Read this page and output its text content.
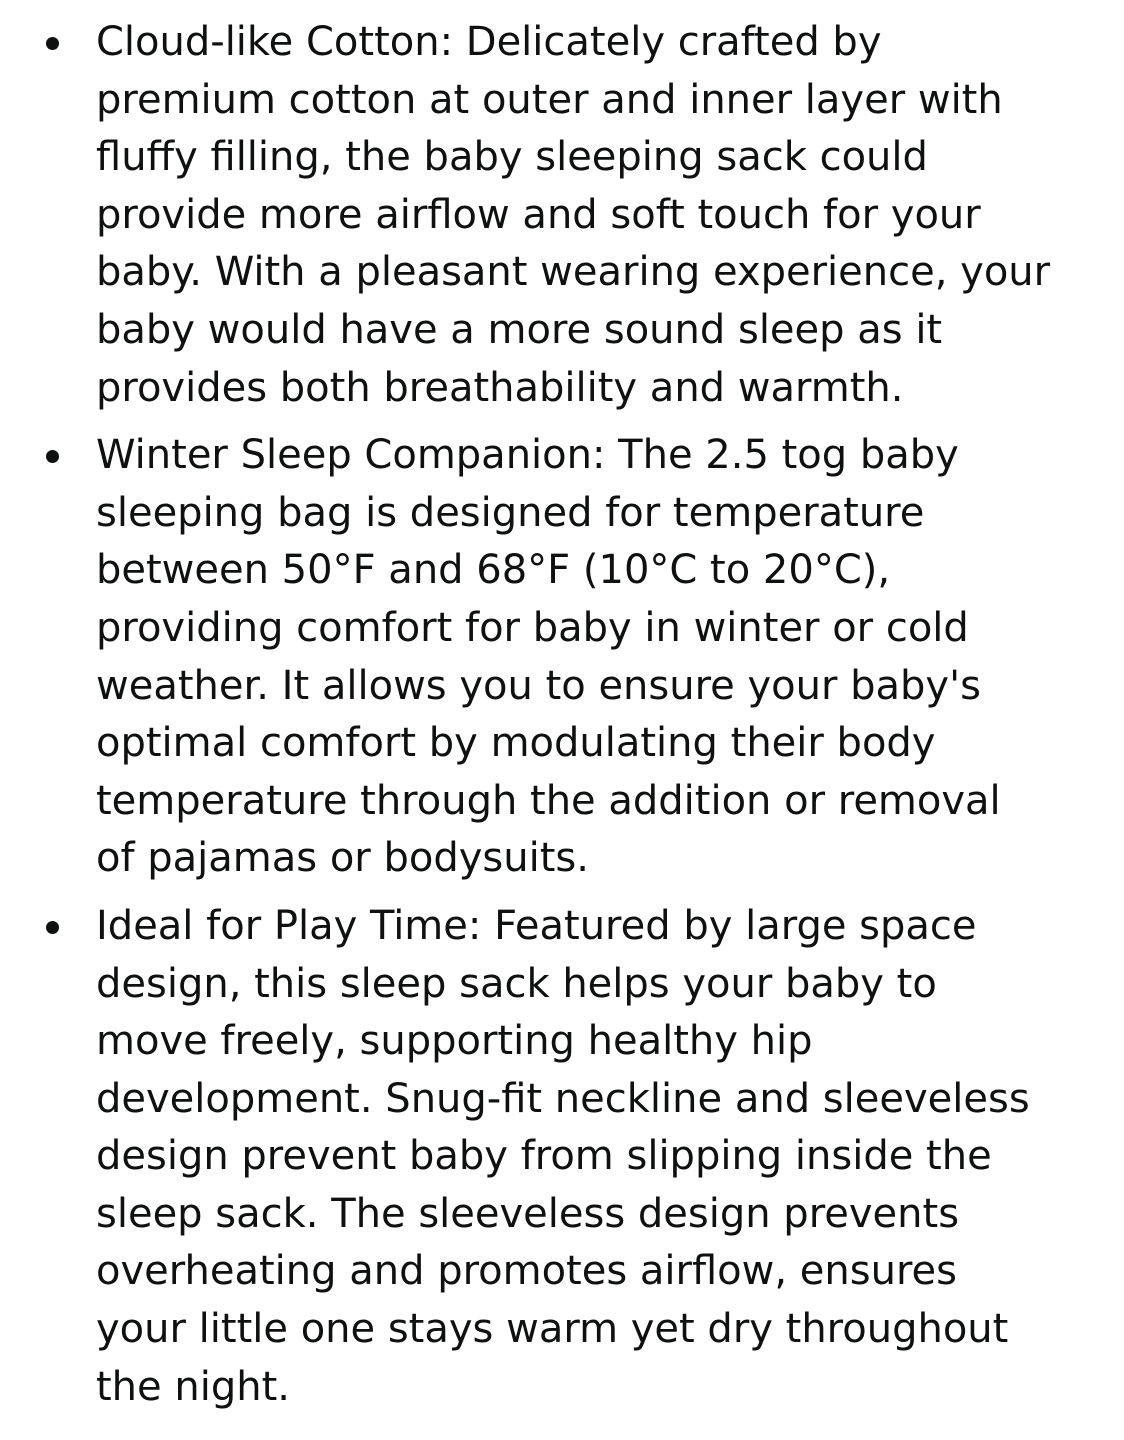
Cloud-like Cotton: Delicately crafted by
premium cotton at outer and inner layer with
fluffy filling, the baby sleeping sack could
provide more airflow and soft touch for your
baby. With a pleasant wearing experience, your
baby would have a more sound sleep as it
provides both breathability and warmth.
Winter Sleep Companion: The 2.5 tog baby
sleeping bag is designed for temperature
between 50°F and 68°F (10°C to 20°C),
providing comfort for baby in winter or cold
weather. It allows you to ensure your baby's
optimal comfort by modulating their body
temperature through the addition or removal
of pajamas or bodysuits.
Ideal for Play Time: Featured by large space
design, this sleep sack helps your baby to
move freely, supporting healthy hip
development. Snug-fit neckline and sleeveless
design prevent baby from slipping inside the
sleep sack. The sleeveless design prevents
overheating and promotes airflow, ensures
your little one stays warm yet dry throughout
the night.
